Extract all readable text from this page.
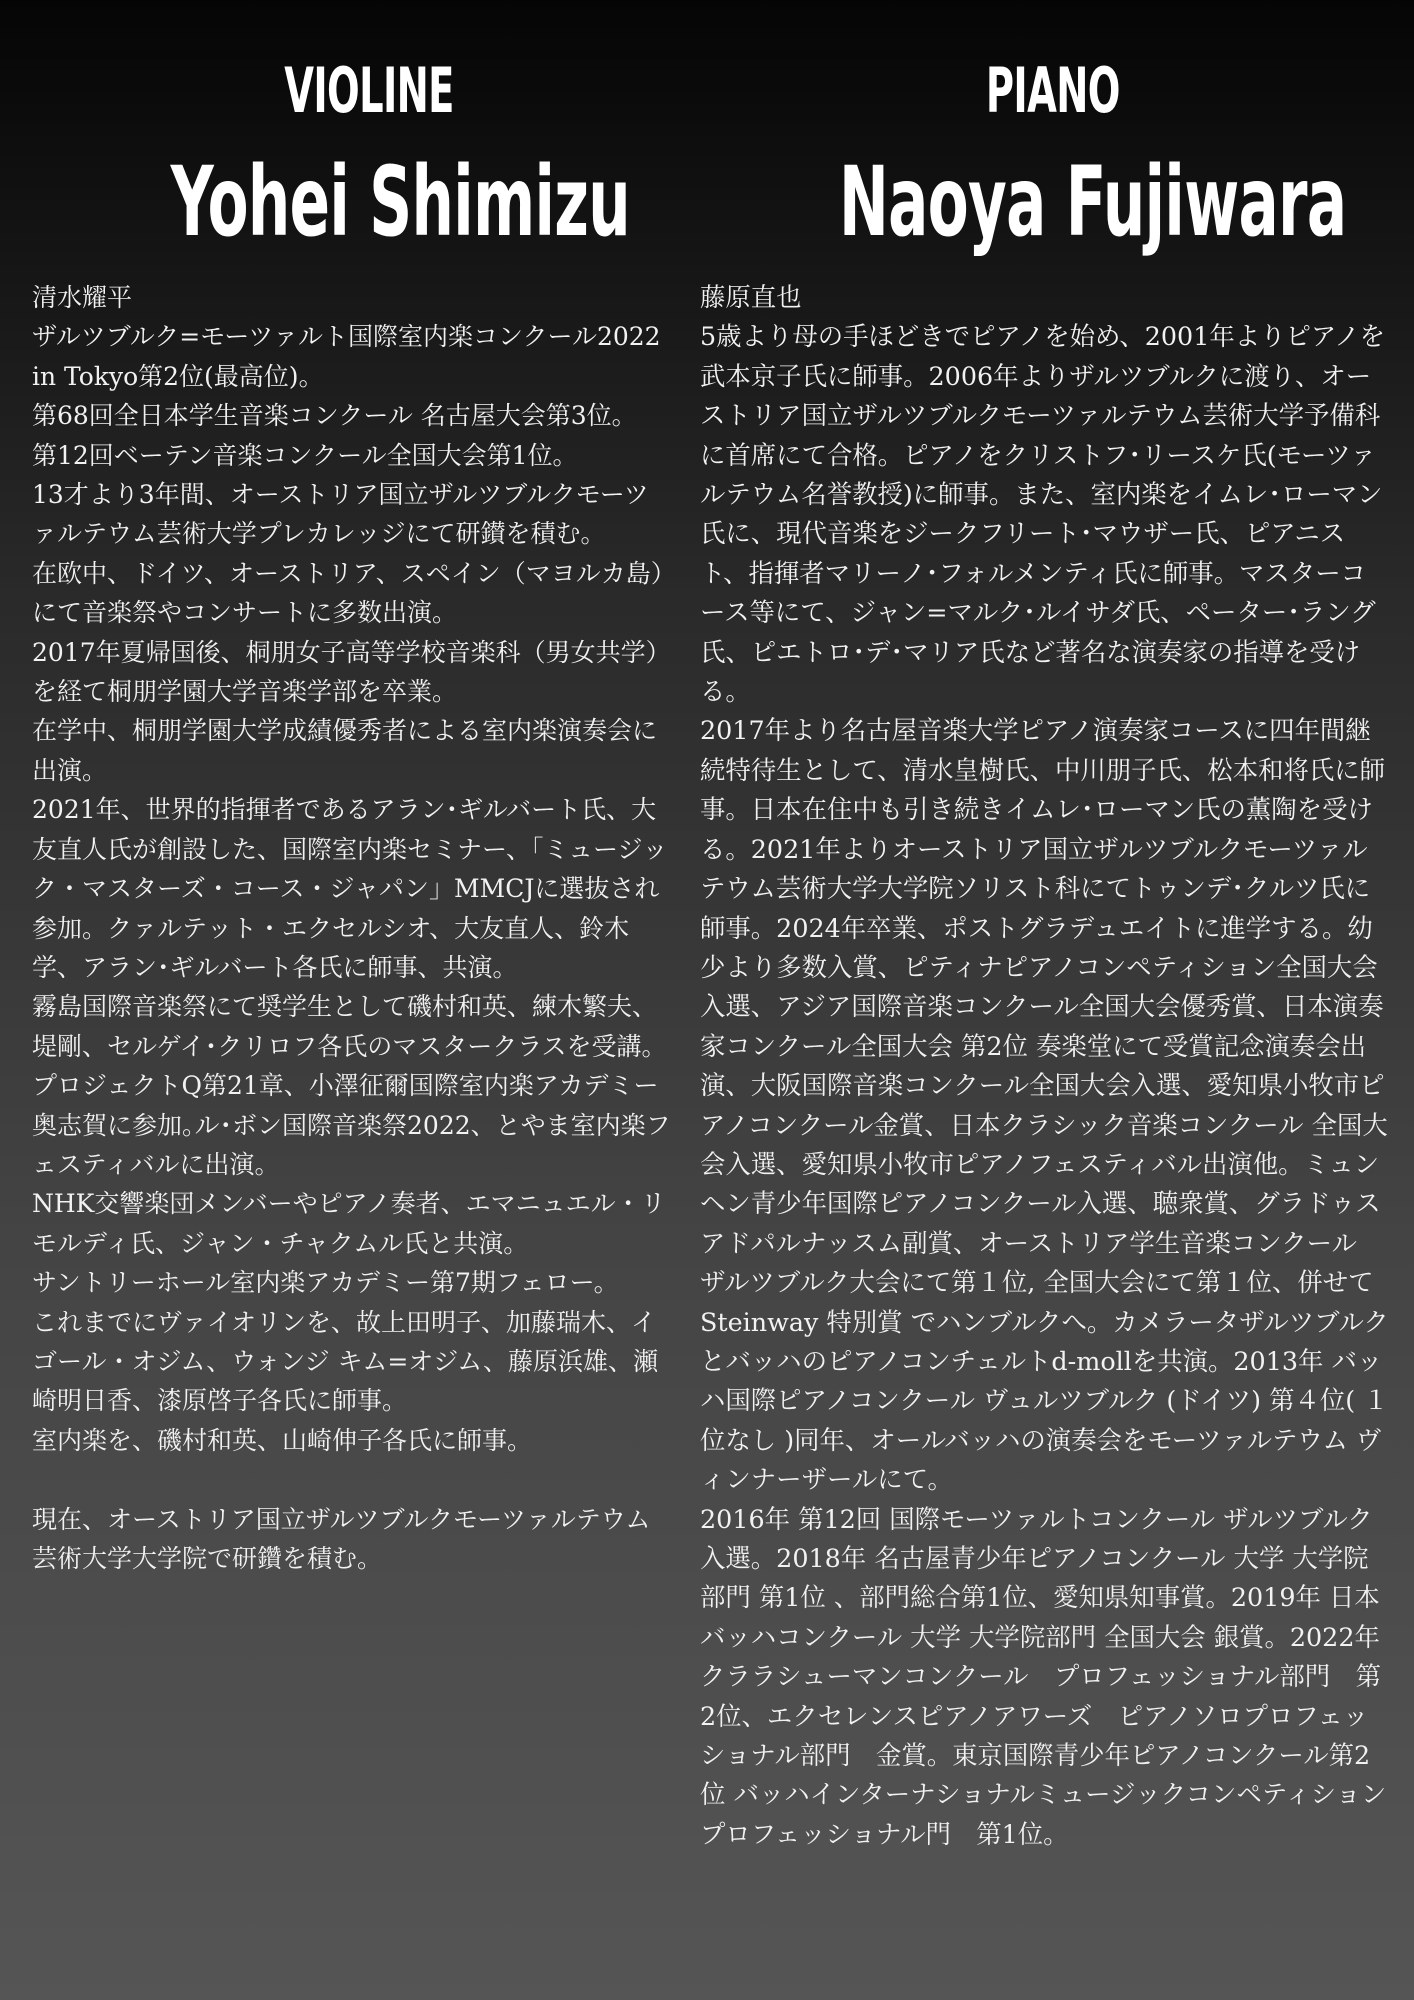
VIOLINE
Yohei Shimizu

清水耀平

ザルツブルク=モーツァルト国際室内楽コンクール2022 in Tokyo第2位(最高位)。

第68回全日本学生音楽コンクール 名古屋大会第3位。

第12回ベーテン音楽コンクール全国大会第1位。

13才より3年間、オーストリア国立ザルツブルクモーツァルテウム芸術大学プレカレッジにて研鑚を積む。

在欧中、ドイツ、オーストリア、スペイン（マヨルカ島）にて音楽祭やコンサートに多数出演。

2017年夏帰国後、桐朋女子高等学校音楽科（男女共学）を経て桐朋学園大学音楽学部を卒業。

在学中、桐朋学園大学成績優秀者による室内楽演奏会に出演。

2021年、世界的指揮者であるアラン･ギルバート氏、大友直人氏が創設した、国際室内楽セミナー、「ミュージック・マスターズ・コース・ジャパン」MMCJに選抜され参加。クァルテット・エクセルシオ、大友直人、鈴木学、アラン･ギルバート各氏に師事、共演。

霧島国際音楽祭にて奨学生として磯村和英、練木繁夫、堤剛、セルゲイ･クリロフ各氏のマスタークラスを受講。

プロジェクトQ第21章、小澤征爾国際室内楽アカデミー奥志賀に参加｡ル･ボン国際音楽祭2022、とやま室内楽フェスティバルに出演。

NHK交響楽団メンバーやピアノ奏者、エマニュエル・リモルディ氏、ジャン・チャクムル氏と共演。

サントリーホール室内楽アカデミー第7期フェロー。

これまでにヴァイオリンを、故上田明子、加藤瑞木、イゴール・オジム、ウォンジ キム=オジム、藤原浜雄、瀬崎明日香、漆原啓子各氏に師事。

室内楽を、磯村和英、山崎伸子各氏に師事。

現在、オーストリア国立ザルツブルクモーツァルテウム芸術大学大学院で研鑽を積む。

PIANO
Naoya Fujiwara

藤原直也

5歳より母の手ほどきでピアノを始め、2001年よりピアノを武本京子氏に師事。2006年よりザルツブルクに渡り、オーストリア国立ザルツブルクモーツァルテウム芸術大学予備科に首席にて合格。ピアノをクリストフ･リースケ氏(モーツァルテウム名誉教授)に師事。また、室内楽をイムレ･ローマン氏に、現代音楽をジークフリート･マウザー氏、ピアニスト、指揮者マリーノ･フォルメンティ氏に師事。マスターコース等にて、ジャン=マルク･ルイサダ氏、ペーター･ラング氏、ピエトロ･デ･マリア氏など著名な演奏家の指導を受ける。

2017年より名古屋音楽大学ピアノ演奏家コースに四年間継続特待生として、清水皇樹氏、中川朋子氏、松本和将氏に師事。日本在住中も引き続きイムレ･ローマン氏の薫陶を受ける。2021年よりオーストリア国立ザルツブルクモーツァルテウム芸術大学大学院ソリスト科にてトゥンデ･クルツ氏に師事。2024年卒業、ポストグラデュエイトに進学する。幼少より多数入賞、ピティナピアノコンペティション全国大会入選、アジア国際音楽コンクール全国大会優秀賞、日本演奏家コンクール全国大会 第2位 奏楽堂にて受賞記念演奏会出演、大阪国際音楽コンクール全国大会入選、愛知県小牧市ピアノコンクール金賞、日本クラシック音楽コンクール 全国大会入選、愛知県小牧市ピアノフェスティバル出演他。ミュンヘン青少年国際ピアノコンクール入選、聴衆賞、グラドゥスアドパルナッスム副賞、オーストリア学生音楽コンクール ザルツブルク大会にて第１位, 全国大会にて第１位、併せて Steinway 特別賞 でハンブルクへ。カメラータザルツブルクとバッハのピアノコンチェルトd-mollを共演。2013年 バッハ国際ピアノコンクール ヴュルツブルク (ドイツ) 第４位( １位なし )同年、オールバッハの演奏会をモーツァルテウム ヴィンナーザールにて。

2016年 第12回 国際モーツァルトコンクール ザルツブルク 入選。2018年 名古屋青少年ピアノコンクール 大学 大学院部門 第1位 、部門総合第1位、愛知県知事賞。2019年 日本バッハコンクール 大学 大学院部門 全国大会 銀賞。2022年 クララシューマンコンクール　プロフェッショナル部門　第2位、エクセレンスピアノアワーズ　ピアノソロプロフェッショナル部門　金賞。東京国際青少年ピアノコンクール第2位 バッハインターナショナルミュージックコンペティションプロフェッショナル門　第1位。
